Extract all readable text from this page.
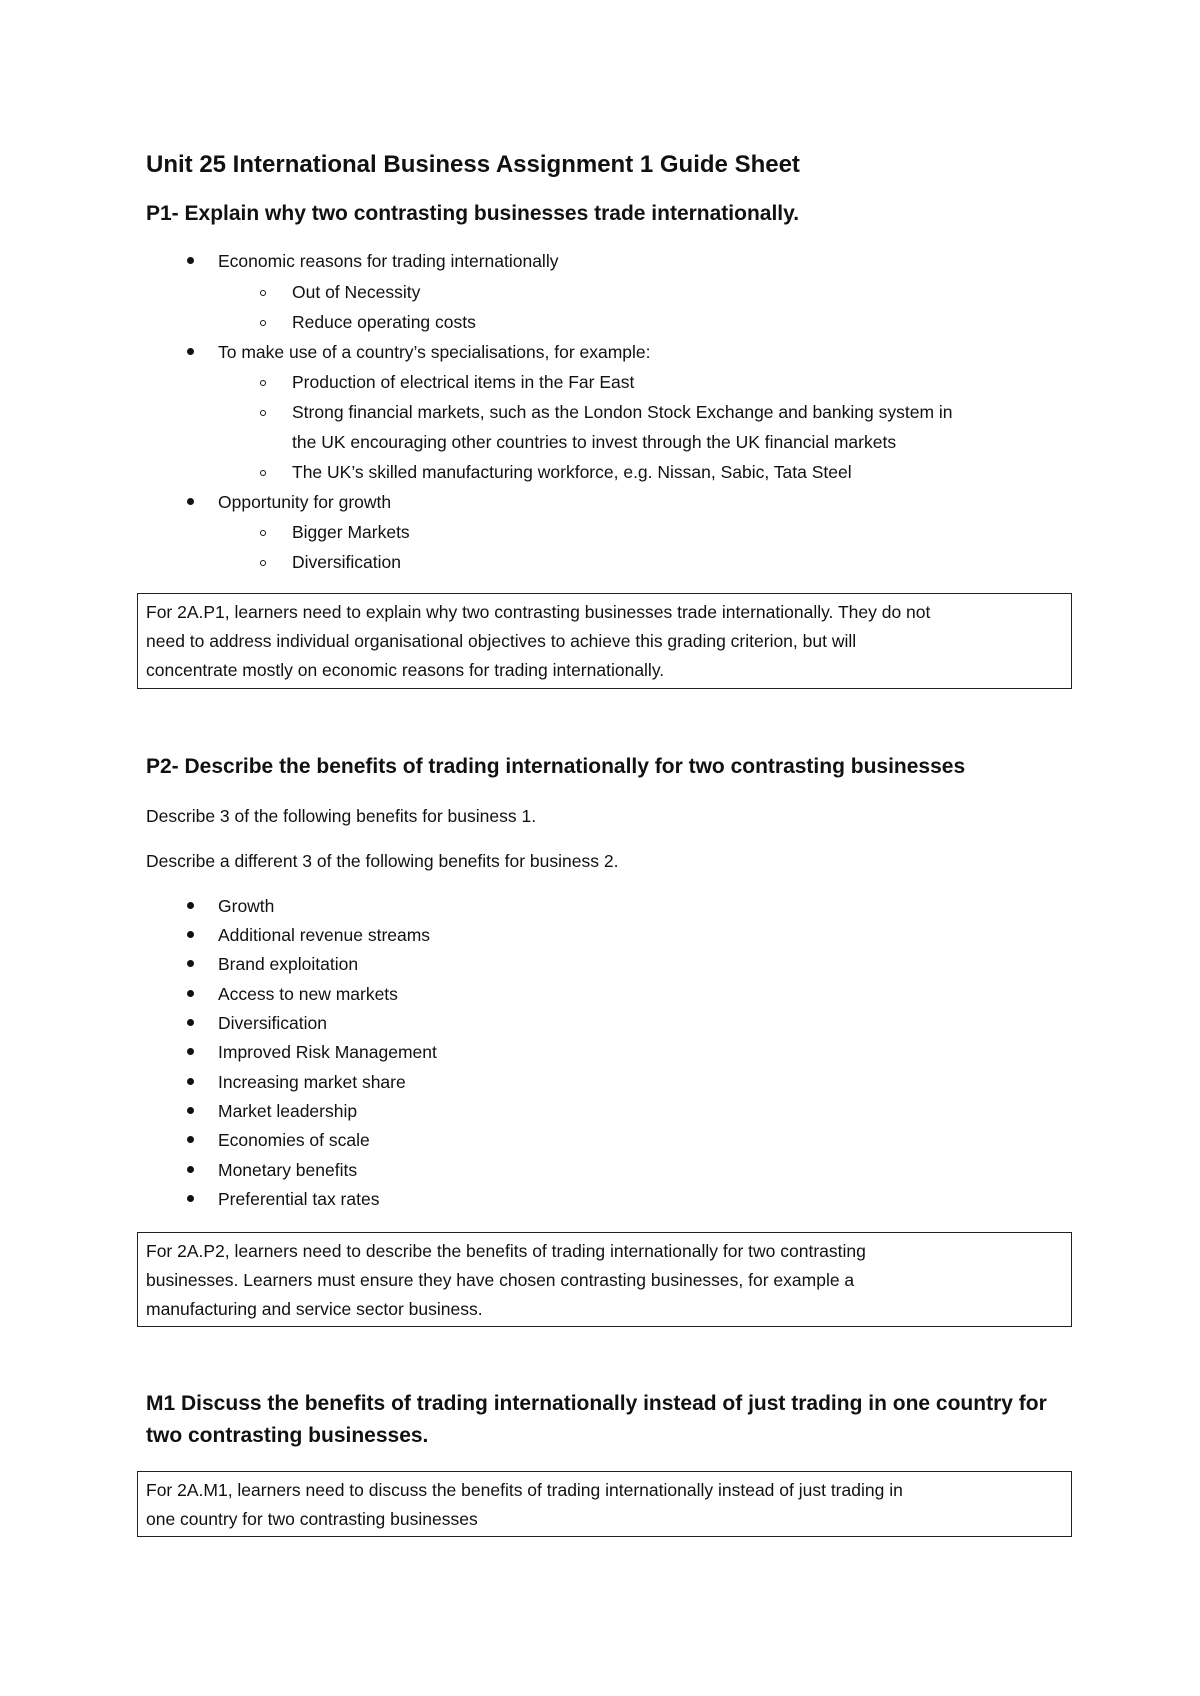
Unit 25 International Business Assignment 1 Guide Sheet
P1- Explain why two contrasting businesses trade internationally.
Economic reasons for trading internationally
Out of Necessity
Reduce operating costs
To make use of a country’s specialisations, for example:
Production of electrical items in the Far East
Strong financial markets, such as the London Stock Exchange and banking system in
the UK encouraging other countries to invest through the UK financial markets
The UK’s skilled manufacturing workforce, e.g. Nissan, Sabic, Tata Steel
Opportunity for growth
Bigger Markets
Diversification
For 2A.P1, learners need to explain why two contrasting businesses trade internationally. They do not
need to address individual organisational objectives to achieve this grading criterion, but will
concentrate mostly on economic reasons for trading internationally.
P2- Describe the benefits of trading internationally for two contrasting businesses
Describe 3 of the following benefits for business 1.
Describe a different 3 of the following benefits for business 2.
Growth
Additional revenue streams
Brand exploitation
Access to new markets
Diversification
Improved Risk Management
Increasing market share
Market leadership
Economies of scale
Monetary benefits
Preferential tax rates
For 2A.P2, learners need to describe the benefits of trading internationally for two contrasting
businesses. Learners must ensure they have chosen contrasting businesses, for example a
manufacturing and service sector business.
M1 Discuss the benefits of trading internationally instead of just trading in one country for
two contrasting businesses.
For 2A.M1, learners need to discuss the benefits of trading internationally instead of just trading in
one country for two contrasting businesses
